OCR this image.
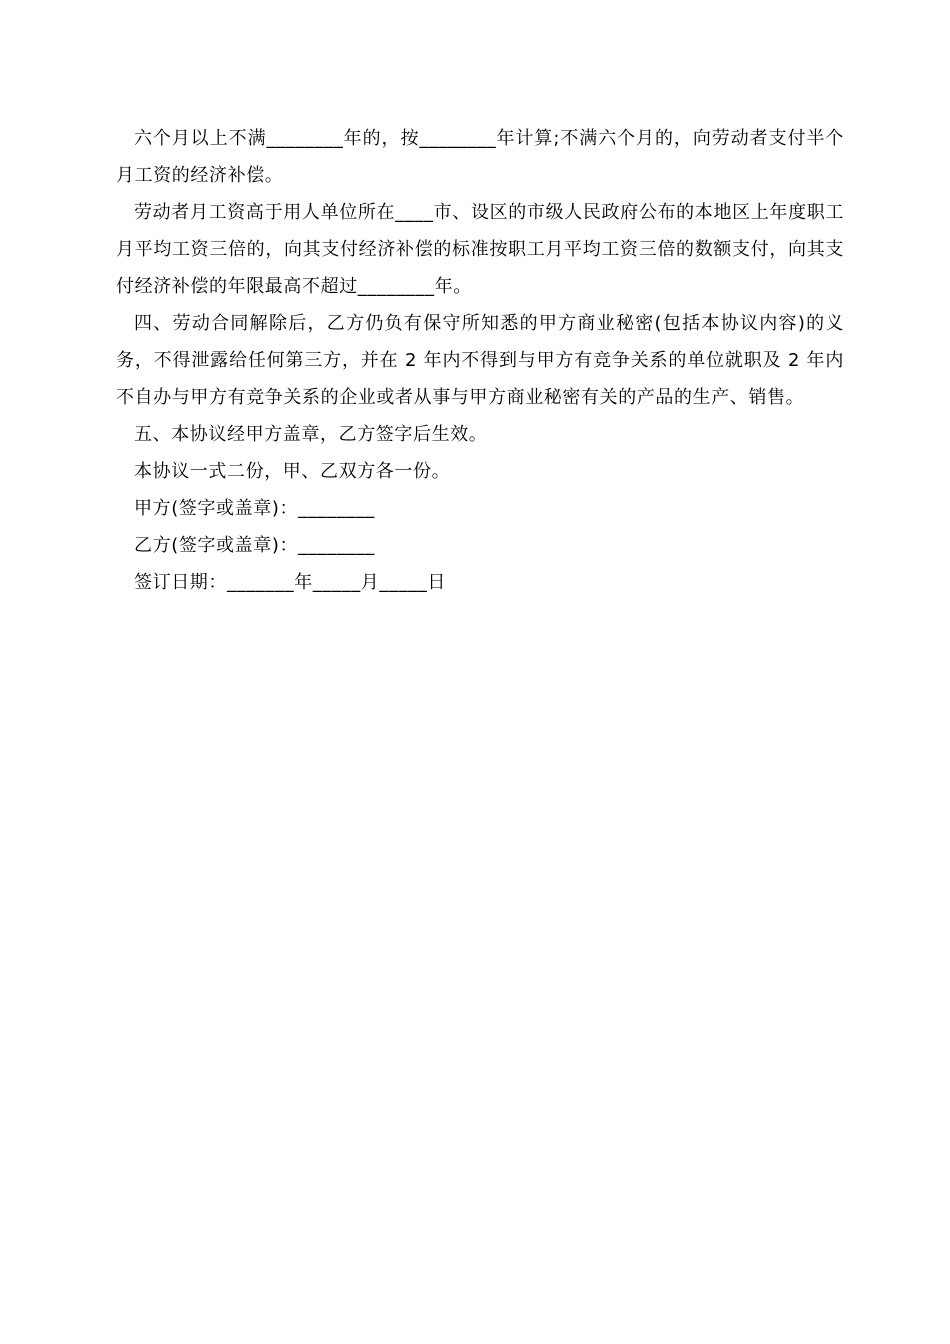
六个月以上不满________年的，按________年计算;不满六个月的，向劳动者支付半个月工资的经济补偿。

劳动者月工资高于用人单位所在____市、设区的市级人民政府公布的本地区上年度职工月平均工资三倍的，向其支付经济补偿的标准按职工月平均工资三倍的数额支付，向其支付经济补偿的年限最高不超过________年。

四、劳动合同解除后，乙方仍负有保守所知悉的甲方商业秘密(包括本协议内容)的义务，不得泄露给任何第三方，并在 2 年内不得到与甲方有竞争关系的单位就职及 2 年内不自办与甲方有竞争关系的企业或者从事与甲方商业秘密有关的产品的生产、销售。

五、本协议经甲方盖章，乙方签字后生效。

本协议一式二份，甲、乙双方各一份。

甲方(签字或盖章)：________

乙方(签字或盖章)：________

签订日期：_______年_____月_____日
